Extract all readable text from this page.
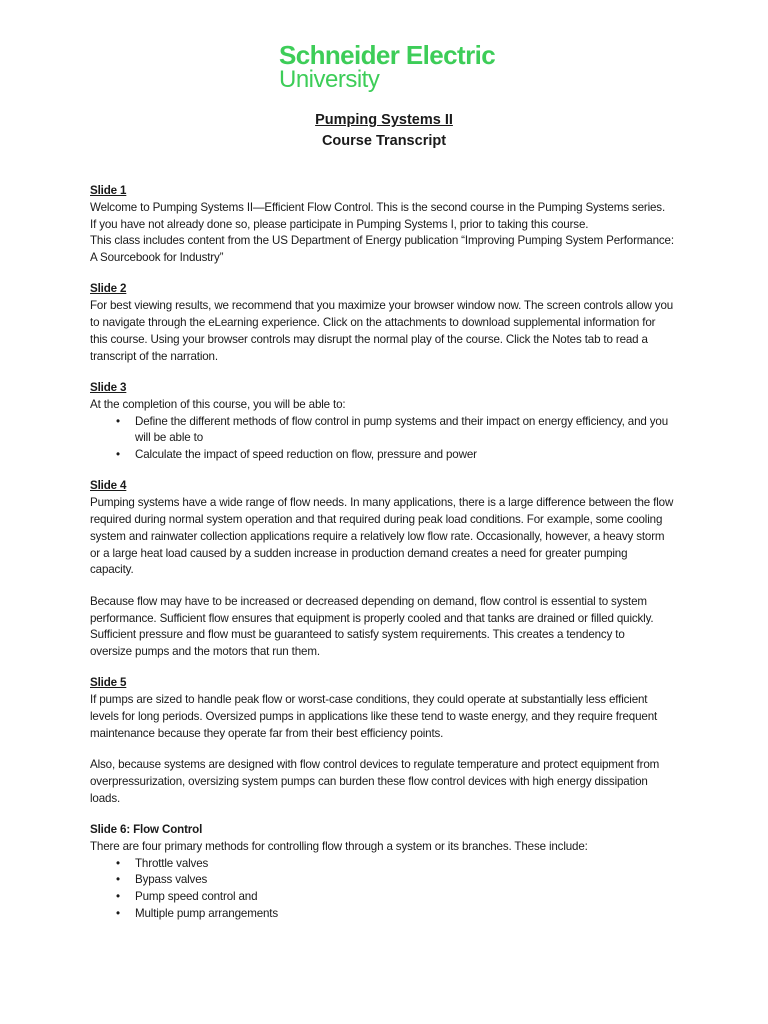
Schneider Electric
University
Pumping Systems II
Course Transcript
Slide 1
Welcome to Pumping Systems II—Efficient Flow Control. This is the second course in the Pumping Systems series.
If you have not already done so, please participate in Pumping Systems I, prior to taking this course.
This class includes content from the US Department of Energy publication “Improving Pumping System Performance:
A Sourcebook for Industry”
Slide 2
For best viewing results, we recommend that you maximize your browser window now. The screen controls allow you
to navigate through the eLearning experience. Click on the attachments to download supplemental information for
this course. Using your browser controls may disrupt the normal play of the course. Click the Notes tab to read a
transcript of the narration.
Slide 3
At the completion of this course, you will be able to:
• Define the different methods of flow control in pump systems and their impact on energy efficiency, and you
will be able to
• Calculate the impact of speed reduction on flow, pressure and power
Slide 4
Pumping systems have a wide range of flow needs. In many applications, there is a large difference between the flow
required during normal system operation and that required during peak load conditions. For example, some cooling
system and rainwater collection applications require a relatively low flow rate. Occasionally, however, a heavy storm
or a large heat load caused by a sudden increase in production demand creates a need for greater pumping
capacity.
Because flow may have to be increased or decreased depending on demand, flow control is essential to system
performance. Sufficient flow ensures that equipment is properly cooled and that tanks are drained or filled quickly.
Sufficient pressure and flow must be guaranteed to satisfy system requirements. This creates a tendency to
oversize pumps and the motors that run them.
Slide 5
If pumps are sized to handle peak flow or worst-case conditions, they could operate at substantially less efficient
levels for long periods. Oversized pumps in applications like these tend to waste energy, and they require frequent
maintenance because they operate far from their best efficiency points.
Also, because systems are designed with flow control devices to regulate temperature and protect equipment from
overpressurization, oversizing system pumps can burden these flow control devices with high energy dissipation
loads.
Slide 6: Flow Control
There are four primary methods for controlling flow through a system or its branches. These include:
• Throttle valves
• Bypass valves
• Pump speed control and
• Multiple pump arrangements
